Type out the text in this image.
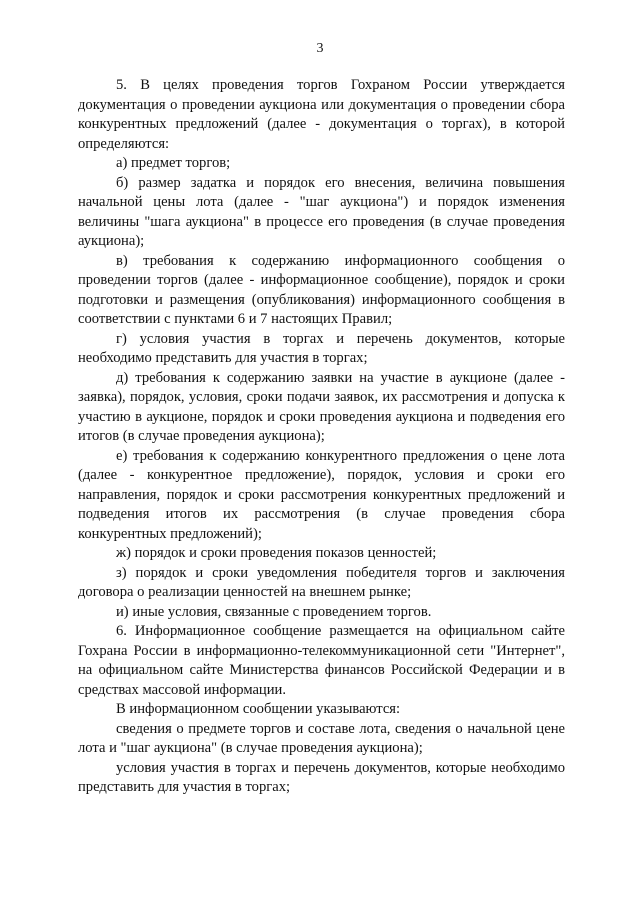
3

5. В целях проведения торгов Гохраном России утверждается документация о проведении аукциона или документация о проведении сбора конкурентных предложений (далее - документация о торгах), в которой определяются:

а) предмет торгов;

б) размер задатка и порядок его внесения, величина повышения начальной цены лота (далее - "шаг аукциона") и порядок изменения величины "шага аукциона" в процессе его проведения (в случае проведения аукциона);

в) требования к содержанию информационного сообщения о проведении торгов (далее - информационное сообщение), порядок и сроки подготовки и размещения (опубликования) информационного сообщения в соответствии с пунктами 6 и 7 настоящих Правил;

г) условия участия в торгах и перечень документов, которые необходимо представить для участия в торгах;

д) требования к содержанию заявки на участие в аукционе (далее - заявка), порядок, условия, сроки подачи заявок, их рассмотрения и допуска к участию в аукционе, порядок и сроки проведения аукциона и подведения его итогов (в случае проведения аукциона);

е) требования к содержанию конкурентного предложения о цене лота (далее - конкурентное предложение), порядок, условия и сроки его направления, порядок и сроки рассмотрения конкурентных предложений и подведения итогов их рассмотрения (в случае проведения сбора конкурентных предложений);

ж) порядок и сроки проведения показов ценностей;

з) порядок и сроки уведомления победителя торгов и заключения договора о реализации ценностей на внешнем рынке;

и) иные условия, связанные с проведением торгов.

6. Информационное сообщение размещается на официальном сайте Гохрана России в информационно-телекоммуникационной сети "Интернет", на официальном сайте Министерства финансов Российской Федерации и в средствах массовой информации.

В информационном сообщении указываются:

сведения о предмете торгов и составе лота, сведения о начальной цене лота и "шаг аукциона" (в случае проведения аукциона);

условия участия в торгах и перечень документов, которые необходимо представить для участия в торгах;
